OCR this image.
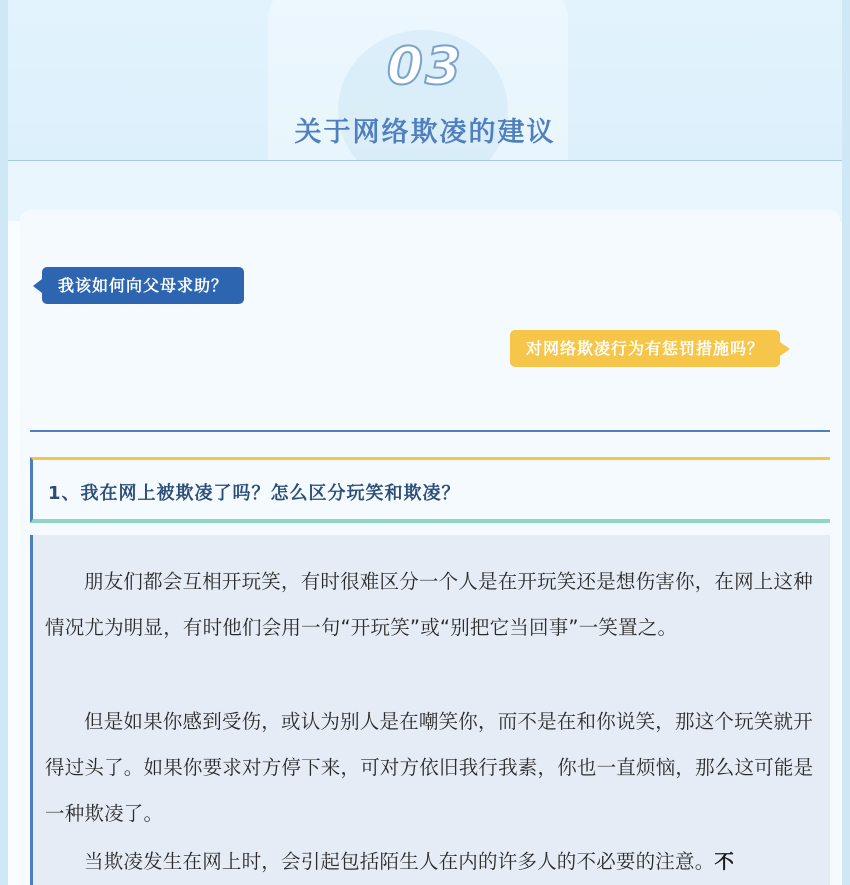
03
关于网络欺凌的建议
我该如何向父母求助？
对网络欺凌行为有惩罚措施吗？
1、我在网上被欺凌了吗？怎么区分玩笑和欺凌？
朋友们都会互相开玩笑，有时很难区分一个人是在开玩笑还是想伤害你，在网上这种情况尤为明显，有时他们会用一句“开玩笑”或“别把它当回事”一笑置之。
但是如果你感到受伤，或认为别人是在嘲笑你，而不是在和你说笑，那这个玩笑就开得过头了。如果你要求对方停下来，可对方依旧我行我素，你也一直烦恼，那么这可能是一种欺凌了。
当欺凌发生在网上时，会引起包括陌生人在内的许多人的不必要的注意。不
